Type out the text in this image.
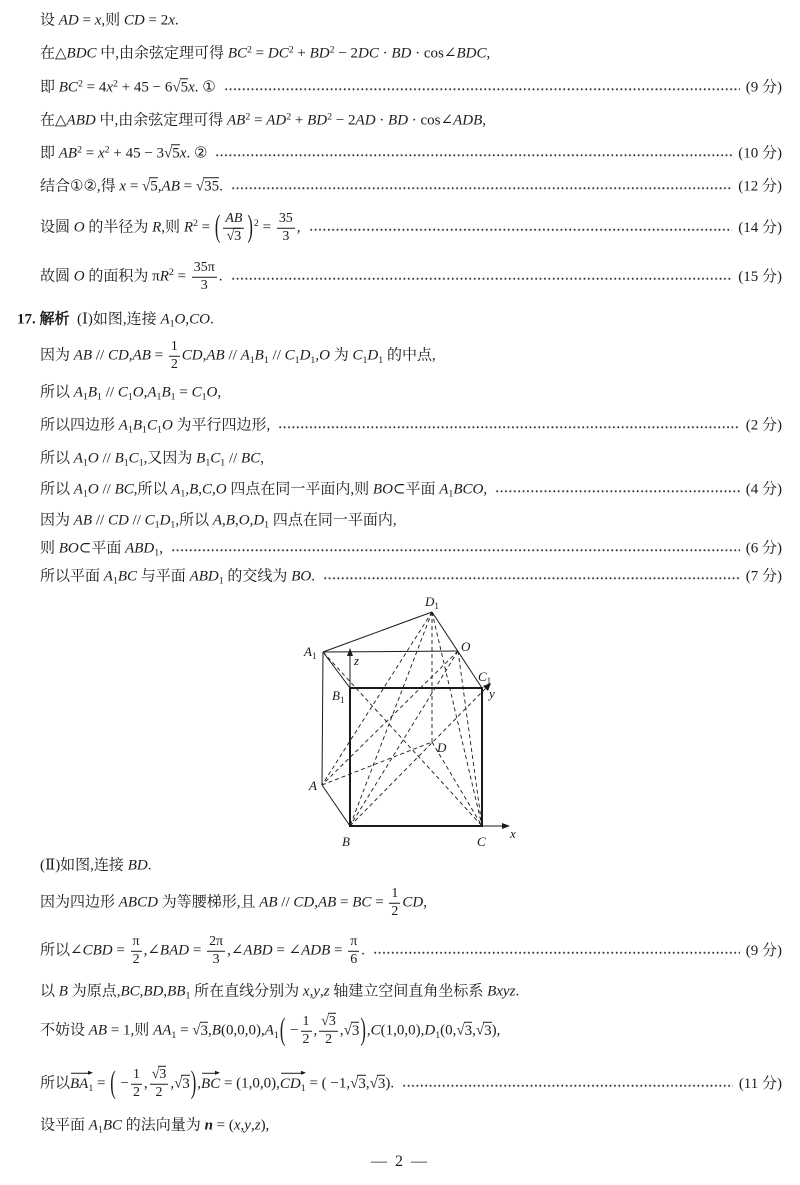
设 AD = x,则 CD = 2x.
在△BDC 中,由余弦定理可得 $BC^2 = DC^2 + BD^2 - 2DC$ · BD · cos∠BDC,
即 $BC^2 = 4x^2 + 45 - 6√5x$. ①	(9 分)
在△ABD 中,由余弦定理可得 $AB^2 = AD^2 + BD^2 - 2AD$ · BD · cos∠ADB,
即 $AB^2 = x^2 + 45 - 3√5x$. ②	(10 分)
结合①②,得 x = √5,AB = √35.	(12 分)
设圆 O 的半径为 R,则 $R^2$ = ( $\frac{AB}{√3} )^2 = \frac{35}{3}$ ,	(14 分)
故圆 O 的面积为 $\pi R^2 = \frac{35\pi}{3}$ .	(15 分)
17. 解析  (Ⅰ)如图,连接 $A_1O,CO$.
因为 AB // $CD,AB = \frac{1}{2} CD,AB // A_1B_1 // C_1D_1,O$ 为 $C_1D_1$ 的中点,
所以 $A_1B_1 // C_1O,A_1B_1 = C_1O$,
所以四边形 $A_1B_1C_1O$ 为平行四边形,	(2 分)
所以 $A_1O // B_1C_1$,又因为 $B_1C_1$ // BC,
所以 $A_1O$ // BC,所以 $A_1,B,C,O$ 四点在同一平面内,则 BO⊂平面 $A_1BCO$,	(4 分)
因为 AB // CD // $C_1D_1$,所以 $A,B,O,D_1$ 四点在同一平面内,
则 BO⊂平面 $ABD_1$,	(6 分)
所以平面 $A_1BC$ 与平面 $ABD_1$ 的交线为 BO.	(7 分)
$A_1$
$D_1$
O
$C_1$
y
z
$B_1$
D
A
B	C
x
(Ⅱ)如图,连接 BD.
因为四边形 ABCD 为等腰梯形,且 AB // CD,AB = BC = $\frac{1}{2}$ CD,
所以∠CBD = $\frac{\pi}{2}$ ,∠BAD = $\frac{2\pi}{3}$ ,∠ABD = ∠ADB = $\frac{\pi}{6}$ .	(9 分)
以 B 为原点$,BC,BD,BB_1$ 所在直线分别为 x,y,z 轴建立空间直角坐标系 Bxyz.
不妨设 AB = 1,则 $AA_1 = √3,B(0,0,0),A_1( - \frac{1}{2}$ , $\frac{√3}{2} ,√3),C(1,0,0),D_1(0,√3,√3)$,
所以$BA_1$ = ( − $\frac{1}{2}$ , $\frac{√3}{2} ,√3),BC = (1,0,0),CD_1$ = ( −1,√3,√3).	(11 分)
设平面 $A_1BC$ 的法向量为 n = (x,y,z),
— 2 —
